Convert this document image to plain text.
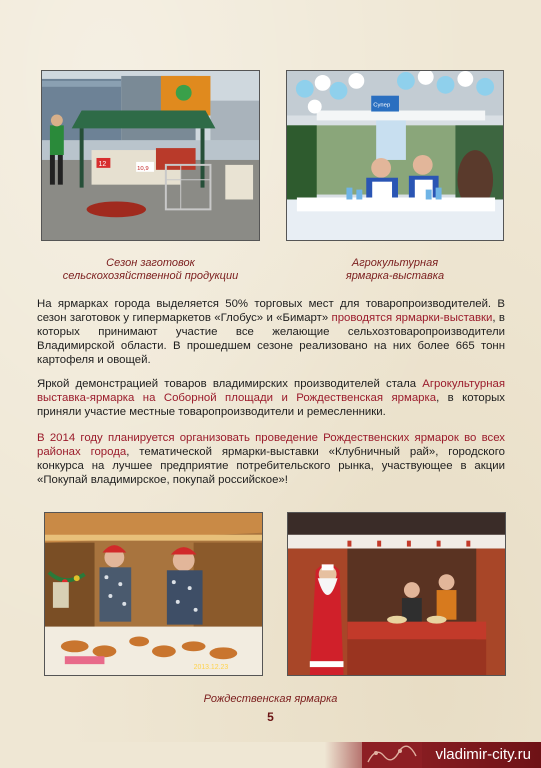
12
10,9
Супер
Сезон заготовок
сельскохозяйственной продукции
Агрокультурная
ярмарка-выставка
На ярмарках города выделяется 50% торговых мест для товаропроизводителей. В сезон заготовок у гипермаркетов «Глобус» и «Бимарт» проводятся ярмарки-выставки, в которых принимают участие все желающие сельхозтоваропроизводители Владимирской области. В прошедшем сезоне реализовано на них более 665 тонн картофеля и овощей.
Яркой демонстрацией товаров владимирских производителей стала Агрокультурная выставка-ярмарка на Соборной площади и Рождественская ярмарка, в которых приняли участие местные товаропроизводители и ремесленники.
В 2014 году планируется организовать проведение Рождественских ярмарок во всех районах города, тематической ярмарки-выставки «Клубничный рай», городского конкурса на лучшее предприятие потребительского рынка, участвующее в акции «Покупай владимирское, покупай российское»!
2013.12.23
Рождественская ярмарка
5
vladimir-city.ru
